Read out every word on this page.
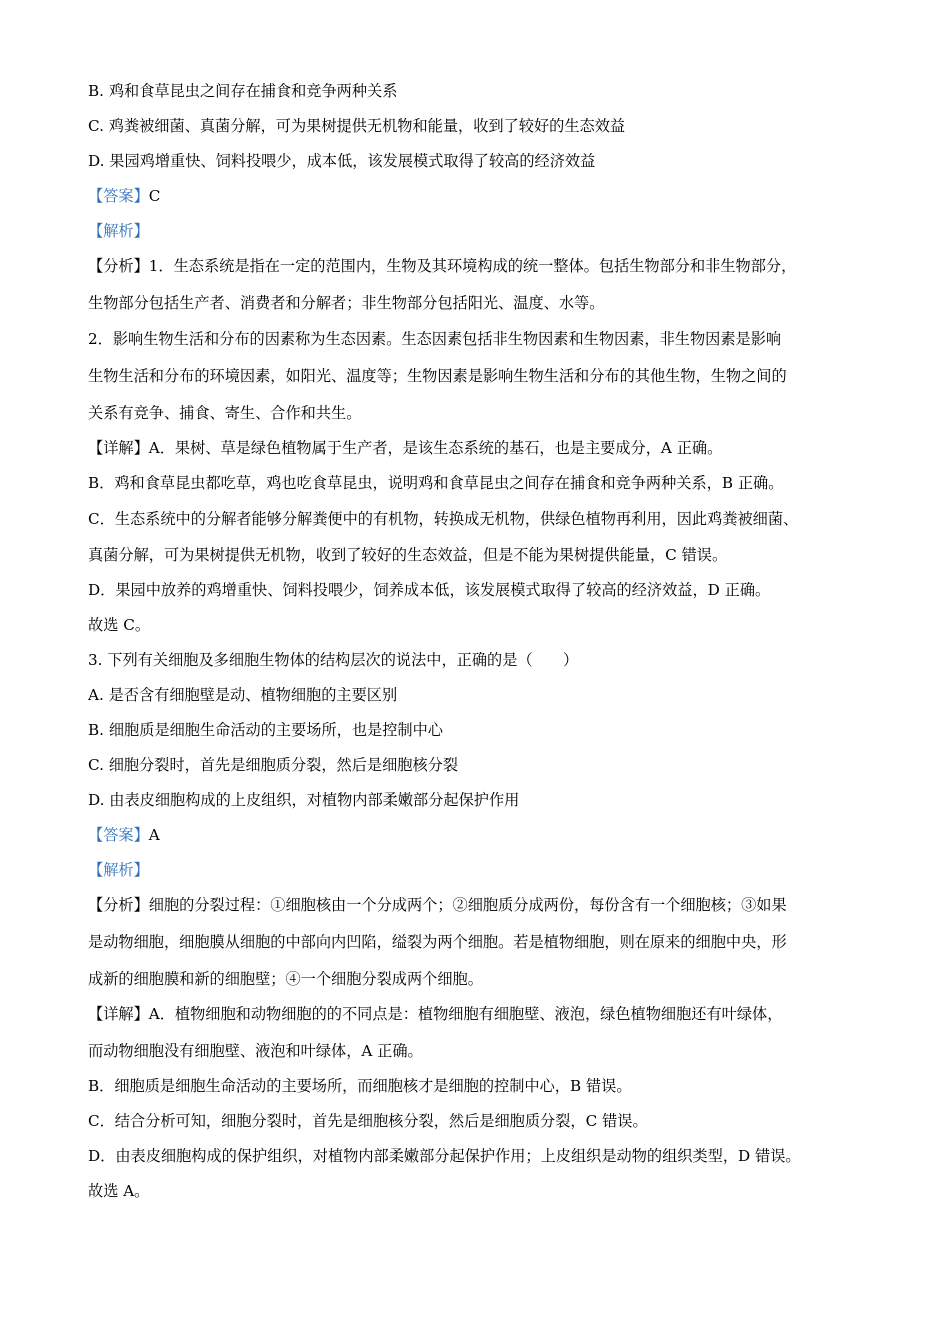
B. 鸡和食草昆虫之间存在捕食和竞争两种关系
C. 鸡粪被细菌、真菌分解，可为果树提供无机物和能量，收到了较好的生态效益
D. 果园鸡增重快、饲料投喂少，成本低，该发展模式取得了较高的经济效益
【答案】C
【解析】
【分析】1．生态系统是指在一定的范围内，生物及其环境构成的统一整体。包括生物部分和非生物部分，
生物部分包括生产者、消费者和分解者；非生物部分包括阳光、温度、水等。
2．影响生物生活和分布的因素称为生态因素。生态因素包括非生物因素和生物因素，非生物因素是影响
生物生活和分布的环境因素，如阳光、温度等；生物因素是影响生物生活和分布的其他生物，生物之间的
关系有竞争、捕食、寄生、合作和共生。
【详解】A．果树、草是绿色植物属于生产者，是该生态系统的基石，也是主要成分，A 正确。
B．鸡和食草昆虫都吃草，鸡也吃食草昆虫，说明鸡和食草昆虫之间存在捕食和竞争两种关系，B 正确。
C．生态系统中的分解者能够分解粪便中的有机物，转换成无机物，供绿色植物再利用，因此鸡粪被细菌、
真菌分解，可为果树提供无机物，收到了较好的生态效益，但是不能为果树提供能量，C 错误。
D．果园中放养的鸡增重快、饲料投喂少，饲养成本低，该发展模式取得了较高的经济效益，D 正确。
故选 C。
3. 下列有关细胞及多细胞生物体的结构层次的说法中，正确的是（　　）
A. 是否含有细胞壁是动、植物细胞的主要区别
B. 细胞质是细胞生命活动的主要场所，也是控制中心
C. 细胞分裂时，首先是细胞质分裂，然后是细胞核分裂
D. 由表皮细胞构成的上皮组织，对植物内部柔嫩部分起保护作用
【答案】A
【解析】
【分析】细胞的分裂过程：①细胞核由一个分成两个；②细胞质分成两份，每份含有一个细胞核；③如果
是动物细胞，细胞膜从细胞的中部向内凹陷，缢裂为两个细胞。若是植物细胞，则在原来的细胞中央，形
成新的细胞膜和新的细胞壁；④一个细胞分裂成两个细胞。
【详解】A．植物细胞和动物细胞的的不同点是：植物细胞有细胞壁、液泡，绿色植物细胞还有叶绿体，
而动物细胞没有细胞壁、液泡和叶绿体，A 正确。
B．细胞质是细胞生命活动的主要场所，而细胞核才是细胞的控制中心，B 错误。
C．结合分析可知，细胞分裂时，首先是细胞核分裂，然后是细胞质分裂，C 错误。
D．由表皮细胞构成的保护组织，对植物内部柔嫩部分起保护作用；上皮组织是动物的组织类型，D 错误。
故选 A。
